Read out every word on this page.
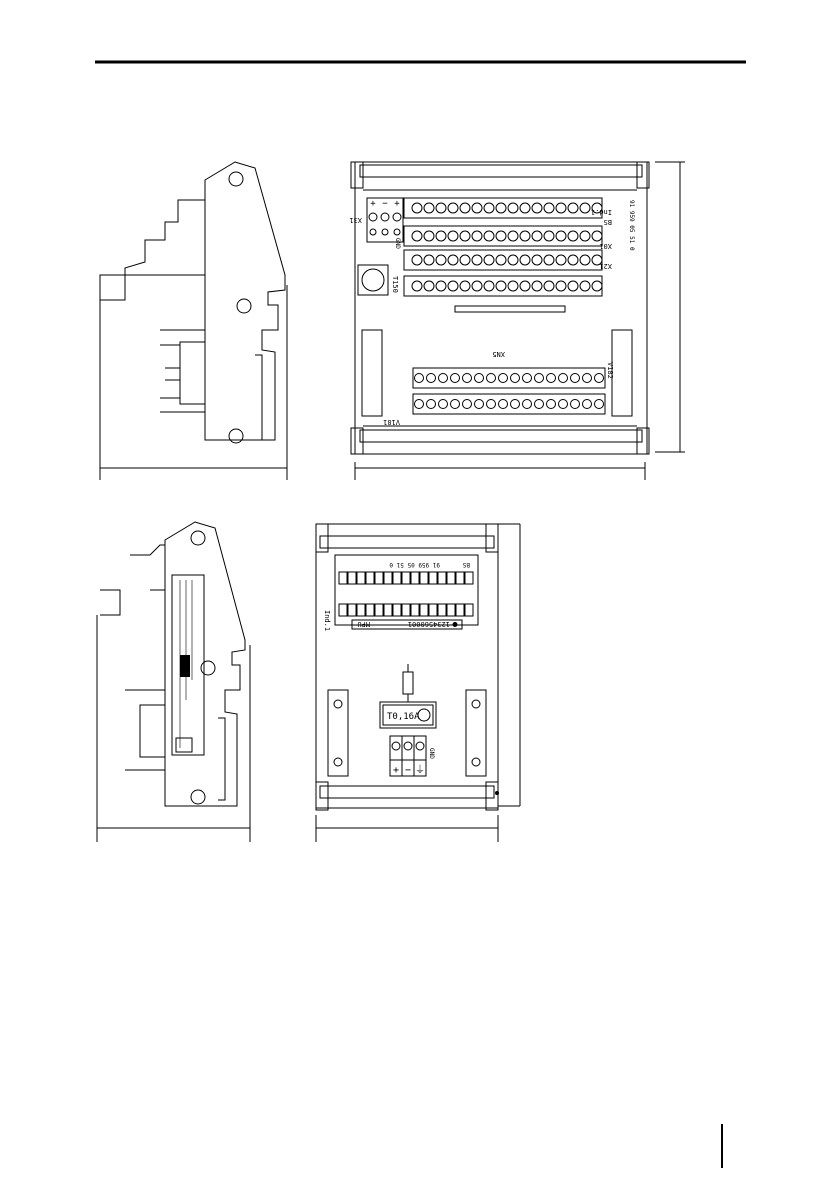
X31
+ − +
GND
T150
Ind.1
BS
X01
X21
91 959 05 51 0
XN5
V182
V181
BS
91 959 05 51 0
1234560001
MPU
Ind.1
T0,16A
+ − ⏚
GND
